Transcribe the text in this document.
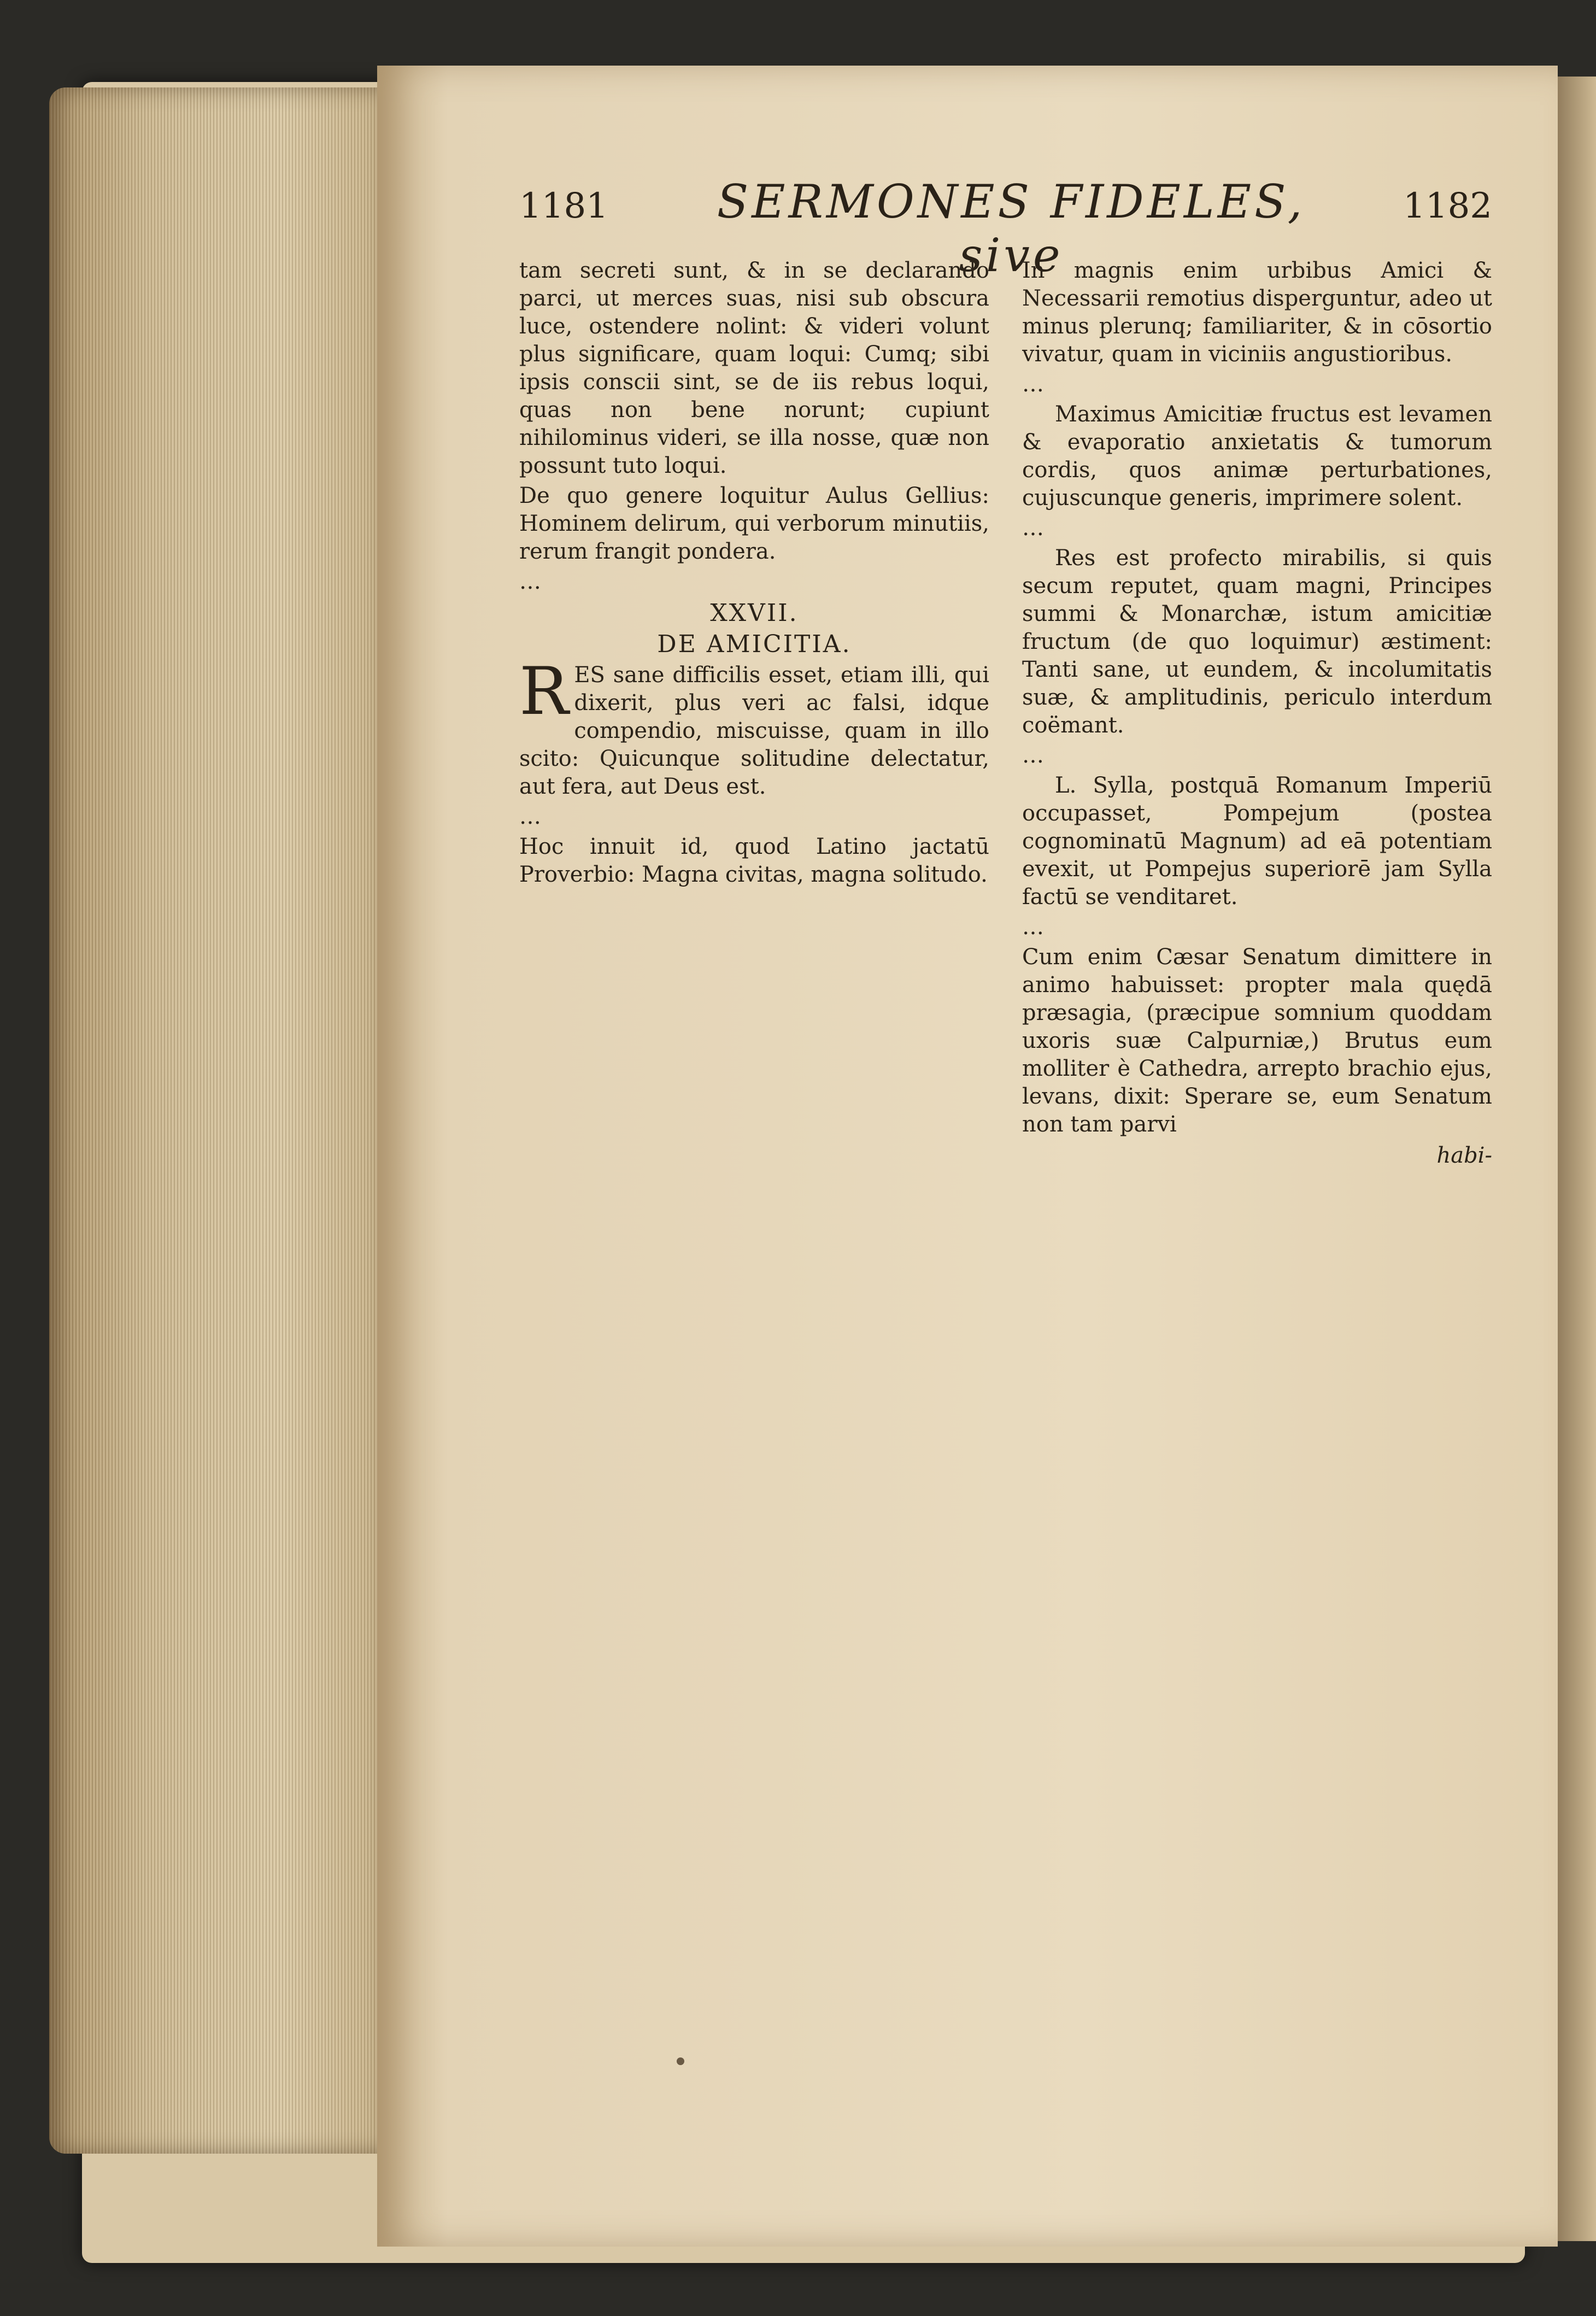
1181 SERMONES FIDELES, sive
1182

tam secreti sunt, & in se declarando parci, ut merces suas, nisi sub obscura luce, ostendere nolint: & videri volunt plus significare, quam loqui: Cumq; sibi ipsis conscii sint, se de iis rebus loqui, quas non bene norunt; cupiunt nihilominus videri, se illa nosse, quæ non possunt tuto loqui.

De quo genere loquitur Aulus Gellius: Hominem delirum, qui verborum minutiis, rerum frangit pondera.

…

XXVII.
DE AMICITIA.

RES sane difficilis esset, etiam illi, qui dixerit, plus veri ac falsi, idque compendio, miscuisse, quam in illo scito: Quicunque solitudine delectatur, aut fera, aut Deus est.

…

Hoc innuit id, quod Latino jactatū Proverbio: Magna civitas, magna solitudo.

In magnis enim urbibus Amici & Necessarii remotius disperguntur, adeo ut minus plerunq; familiariter, & in cōsortio vivatur, quam in viciniis angustioribus.

…

Maximus Amicitiæ fructus est levamen & evaporatio anxietatis & tumorum cordis, quos animæ perturbationes, cujuscunque generis, imprimere solent.

…

Res est profecto mirabilis, si quis secum reputet, quam magni, Principes summi & Monarchæ, istum amicitiæ fructum (de quo loquimur) æstiment: Tanti sane, ut eundem, & incolumitatis suæ, & amplitudinis, periculo interdum coëmant.

…

L. Sylla, postquā Romanum Imperiū occupasset, Pompejum (postea cognominatū Magnum) ad eā potentiam evexit, ut Pompejus superiorē jam Sylla factū se venditaret.

…

Cum enim Cæsar Senatum dimittere in animo habuisset: propter mala quędā præsagia, (præcipue somnium quoddam uxoris suæ Calpurniæ,) Brutus eum molliter è Cathedra, arrepto brachio ejus, levans, dixit: Sperare se, eum Senatum non tam parvi

habi-
